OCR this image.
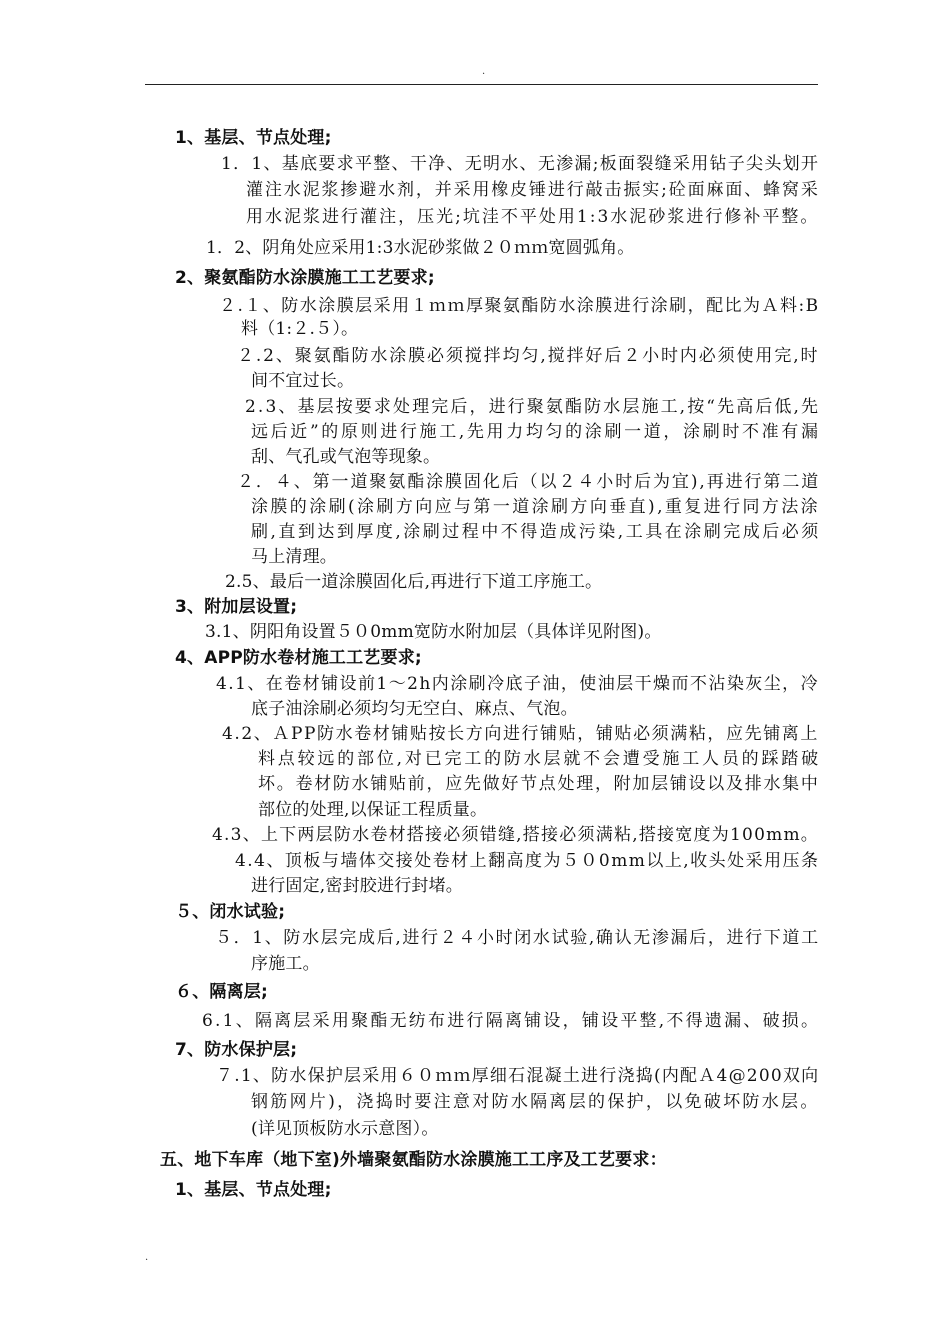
.
1、基层、节点处理;
1．1、基底要求平整、干净、无明水、无渗漏;板面裂缝采用钻子尖头划开
灌注水泥浆掺避水剂，并采用橡皮锤进行敲击振实;砼面麻面、蜂窝采
用水泥浆进行灌注，压光;坑洼不平处用1:3水泥砂浆进行修补平整。
1．2、阴角处应采用1:3水泥砂浆做２０ｍｍ宽圆弧角。
2、聚氨酯防水涂膜施工工艺要求;
２.１、防水涂膜层采用１ｍｍ厚聚氨酯防水涂膜进行涂刷，配比为Ａ料:B
料（1:２.５）。
２.2、聚氨酯防水涂膜必须搅拌均匀,搅拌好后２小时内必须使用完,时
间不宜过长。
2.3、基层按要求处理完后，进行聚氨酯防水层施工,按“先高后低,先
远后近”的原则进行施工,先用力均匀的涂刷一道，涂刷时不准有漏
刮、气孔或气泡等现象。
２．４、第一道聚氨酯涂膜固化后（以２４小时后为宜),再进行第二道
涂膜的涂刷(涂刷方向应与第一道涂刷方向垂直),重复进行同方法涂
刷,直到达到厚度,涂刷过程中不得造成污染,工具在涂刷完成后必须
马上清理。
2.5、最后一道涂膜固化后,再进行下道工序施工。
3、附加层设置;
3.1、阴阳角设置５０0mm宽防水附加层（具体详见附图)。
4、APP防水卷材施工工艺要求;
4.1、在卷材铺设前1～2h内涂刷冷底子油，使油层干燥而不沾染灰尘，冷
底子油涂刷必须均匀无空白、麻点、气泡。
4.2、ＡPP防水卷材铺贴按长方向进行铺贴，铺贴必须满粘，应先铺离上
料点较远的部位,对已完工的防水层就不会遭受施工人员的踩踏破
坏。卷材防水铺贴前，应先做好节点处理，附加层铺设以及排水集中
部位的处理,以保证工程质量。
4.3、上下两层防水卷材搭接必须错缝,搭接必须满粘,搭接宽度为100mm。
4.4、顶板与墙体交接处卷材上翻高度为５０0mm以上,收头处采用压条
进行固定,密封胶进行封堵。
５、闭水试验;
５．1、防水层完成后,进行２４小时闭水试验,确认无渗漏后，进行下道工
序施工。
６、隔离层;
6.1、隔离层采用聚酯无纺布进行隔离铺设，铺设平整,不得遗漏、破损。
7、防水保护层;
７.1、防水保护层采用６０ｍｍ厚细石混凝土进行浇捣(内配Ａ4@200双向
钢筋网片)，浇捣时要注意对防水隔离层的保护，以免破坏防水层。
(详见顶板防水示意图）。
五、地下车库（地下室)外墙聚氨酯防水涂膜施工工序及工艺要求：
1、基层、节点处理;
.
